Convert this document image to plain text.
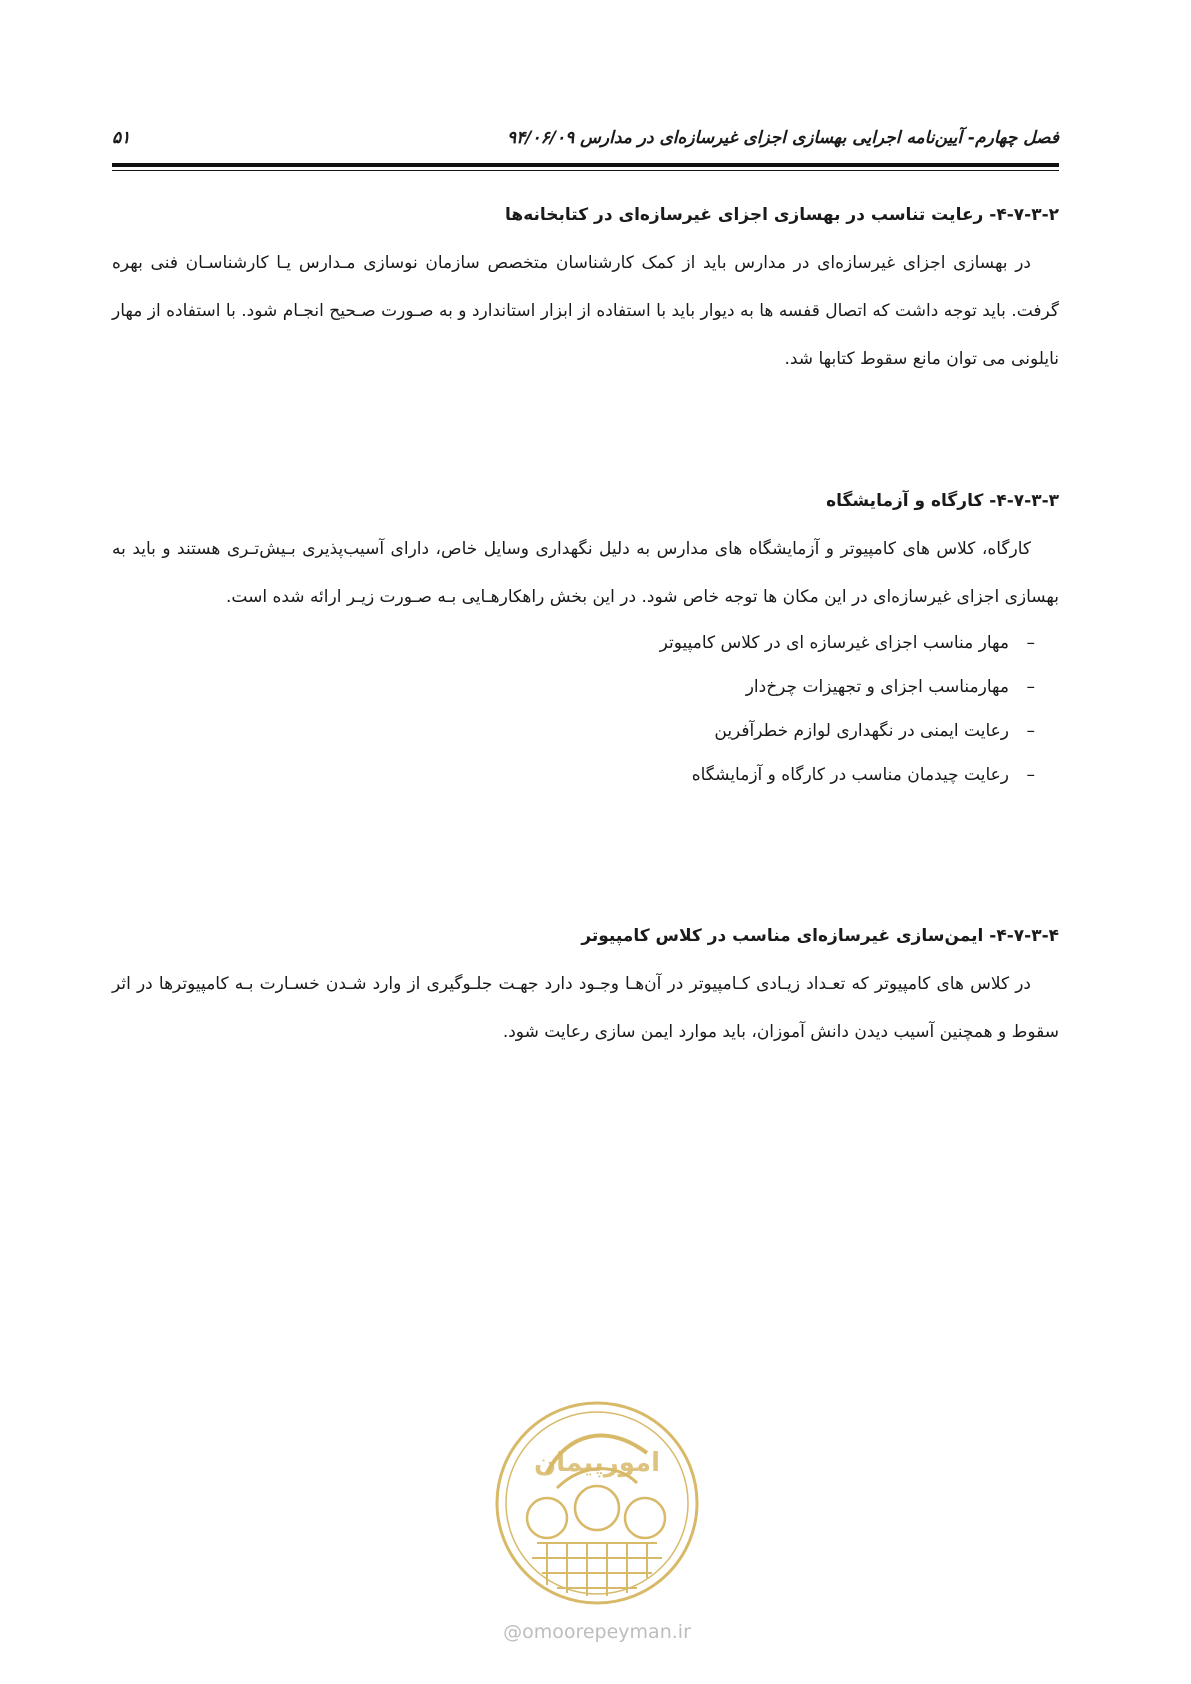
فصل چهارم- آیین‌نامه اجرایی بهسازی اجزای غیرسازه‌ای در مدارس ۹۴/۰۶/۰۹
۵۱
۴-۷-۳-۲- رعایت تناسب در بهسازی اجزای غیرسازه‌ای در کتابخانه‌ها

در بهسازی اجزای غیرسازه‌ای در مدارس باید از کمک کارشناسان متخصص سازمان نوسازی مـدارس یـا کارشناسـان فنی بهره گرفت. باید توجه داشت که اتصال قفسه ها به دیوار باید با استفاده از ابزار استاندارد و به صـورت صـحیح انجـام شود. با استفاده از مهار نایلونی می توان مانع سقوط کتابها شد.

۴-۷-۳-۳- کارگاه و آزمایشگاه

کارگاه، کلاس های کامپیوتر و آزمایشگاه های مدارس به دلیل نگهداری وسایل خاص، دارای آسیب‌پذیری بـیش‌تـری هستند و باید به بهسازی اجزای غیرسازه‌ای در این مکان ها توجه خاص شود. در این بخش راهکارهـایی بـه صـورت زیـر ارائه شده است.

–
مهار مناسب اجزای غیرسازه ای در کلاس کامپیوتر
–
مهارمناسب اجزای و تجهیزات چرخ‌دار
–
رعایت ایمنی در نگهداری لوازم خطرآفرین
–
رعایت چیدمان مناسب در کارگاه و آزمایشگاه
۴-۷-۳-۴- ایمن‌سازی غیرسازه‌ای مناسب در کلاس کامپیوتر

در کلاس های کامپیوتر که تعـداد زیـادی کـامپیوتر در آن‌هـا وجـود دارد جهـت جلـوگیری از وارد شـدن خسـارت بـه کامپیوترها در اثر سقوط و همچنین آسیب دیدن دانش آموزان، باید موارد ایمن سازی رعایت شود.

امورپیمان
@omoorepeyman.ir
